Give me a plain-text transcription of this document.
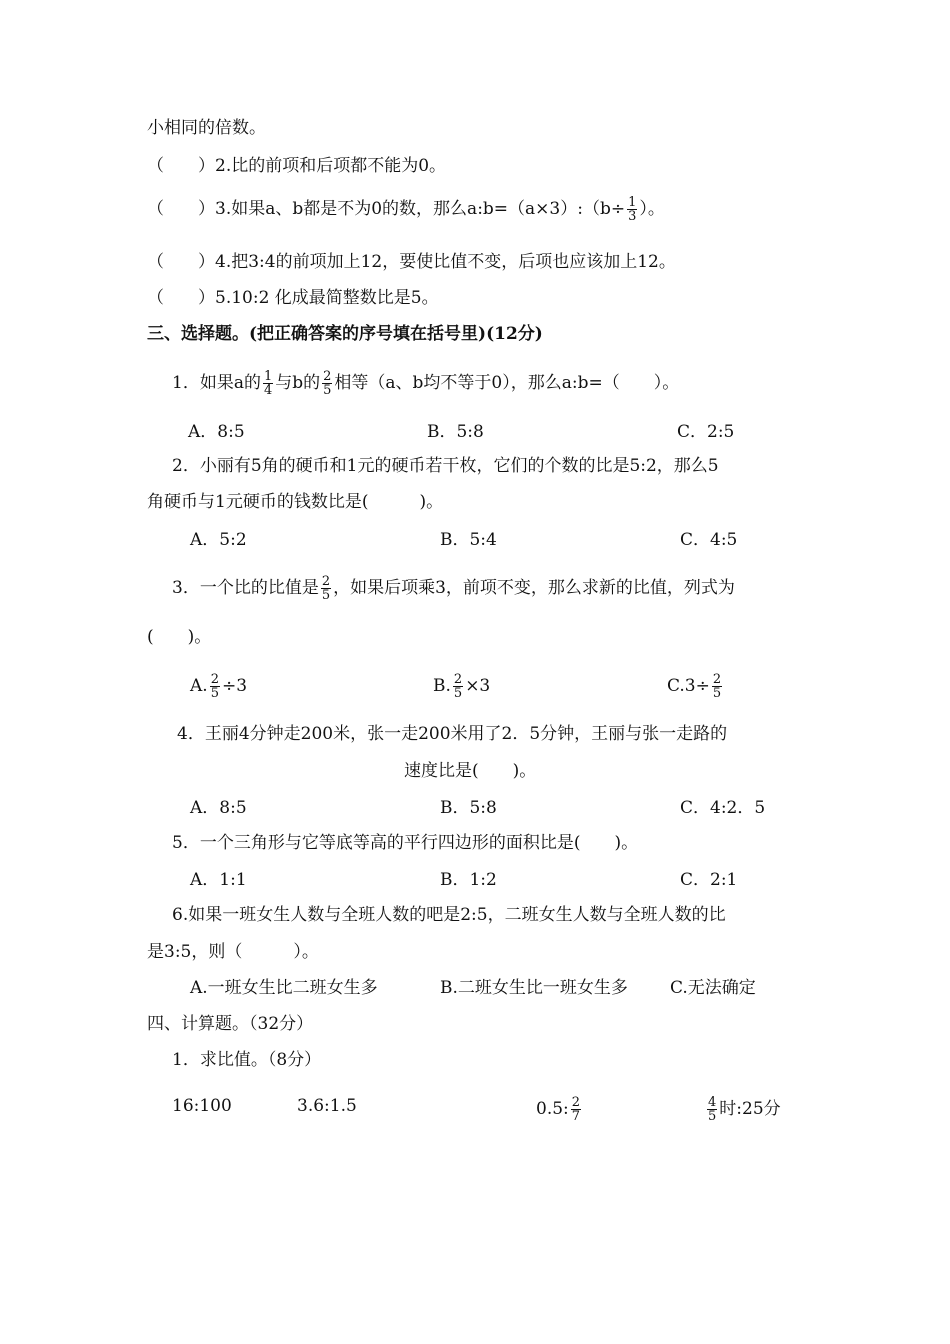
小相同的倍数。
（　　）2.比的前项和后项都不能为0。
（　　）3.如果a、b都是不为0的数，那么a:b=（a×3）:（b÷ $\frac{1}{3}$ ）。
（　　）4.把3:4的前项加上12，要使比值不变，后项也应该加上12。
（　　）5.10:2 化成最简整数比是5。
三、选择题。(把正确答案的序号填在括号里)(12分)
1．如果a的 $\frac{1}{4}$ 与b的 $\frac{2}{5}$ 相等（a、b均不等于0），那么a:b=（　　）。
A．8:5	B．5:8	C．2:5
2．小丽有5角的硬币和1元的硬币若干枚，它们的个数的比是5:2，那么5
角硬币与1元硬币的钱数比是(　　　)。
A．5:2	B．5:4	C．4:5
3．一个比的比值是 $\frac{2}{5}$ ，如果后项乘3，前项不变，那么求新的比值，列式为
(　　)。
A. $\frac{2}{5} \div 3$	B. $\frac{2}{5} \times 3$	$C.3\div \frac{2}{5}$
4．王丽4分钟走200米，张一走200米用了2．5分钟，王丽与张一走路的
速度比是(　　)。
A．8:5	B．5:8	C．4:2．5
5．一个三角形与它等底等高的平行四边形的面积比是(　　)。
A．1:1	B．1:2	C．2:1
6.如果一班女生人数与全班人数的吧是2:5，二班女生人数与全班人数的比
是3:5，则（　　　）。
A.一班女生比二班女生多	B.二班女生比一班女生多 C.无法确定
四、计算题。（32分）
1．求比值。（8分）
16:100	3.6:1.5	0.5: $\frac{2}{7}$	$\frac{4}{5}$ 时:25分
